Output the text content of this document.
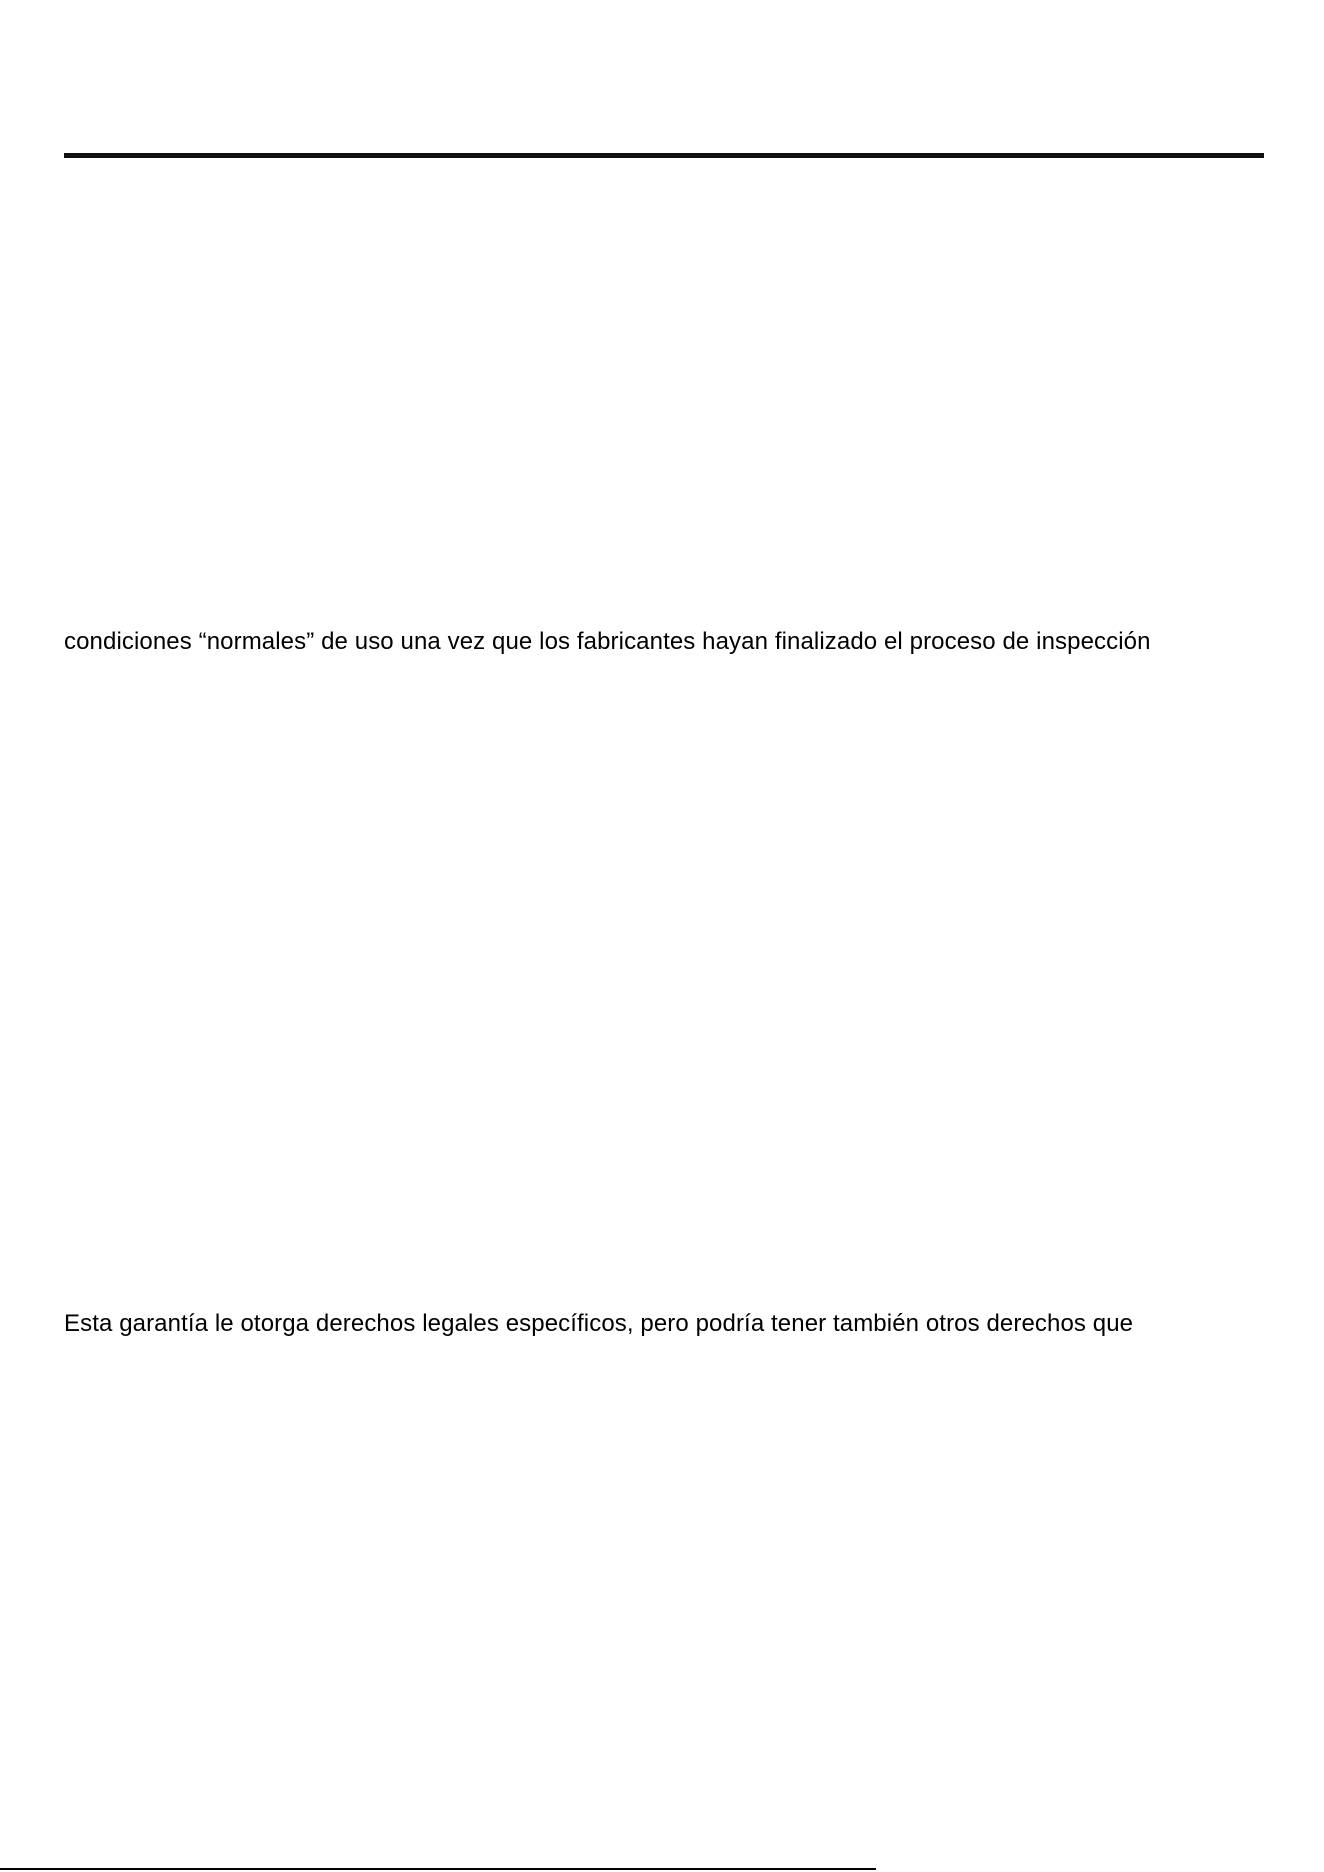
condiciones “normales” de uso una vez que los fabricantes hayan finalizado el proceso de inspección

Esta garantía le otorga derechos legales específicos, pero podría tener también otros derechos que
